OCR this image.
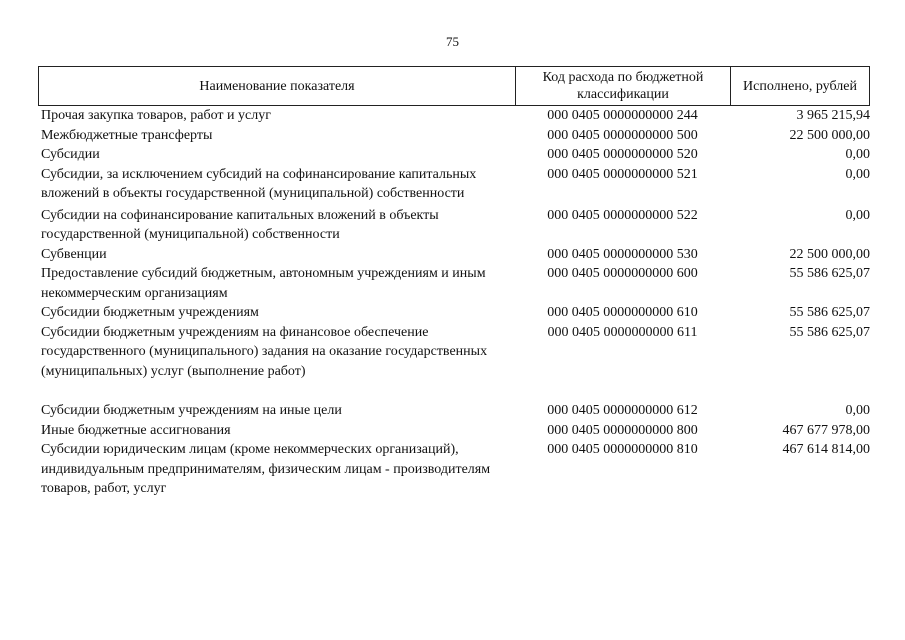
75
Наименование показателя
Код расхода по бюджетной классификации
Исполнено, рублей
Прочая закупка товаров, работ и услуг	000 0405 0000000000 244	3 965 215,94
Межбюджетные трансферты	000 0405 0000000000 500	22 500 000,00
Субсидии	000 0405 0000000000 520	0,00
Субсидии, за исключением субсидий на софинансирование капитальных вложений в объекты государственной (муниципальной) собственности
000 0405 0000000000 521	0,00
Субсидии на софинансирование капитальных вложений в объекты государственной (муниципальной) собственности
000 0405 0000000000 522	0,00
Субвенции	000 0405 0000000000 530	22 500 000,00
Предоставление субсидий бюджетным, автономным учреждениям и иным некоммерческим организациям
000 0405 0000000000 600	55 586 625,07
Субсидии бюджетным учреждениям	000 0405 0000000000 610	55 586 625,07
Субсидии бюджетным учреждениям на финансовое обеспечение государственного (муниципального) задания на оказание государственных (муниципальных) услуг (выполнение работ)
000 0405 0000000000 611	55 586 625,07
Субсидии бюджетным учреждениям на иные цели	000 0405 0000000000 612	0,00
Иные бюджетные ассигнования	000 0405 0000000000 800	467 677 978,00
Субсидии юридическим лицам (кроме некоммерческих организаций), индивидуальным предпринимателям, физическим лицам - производителям товаров, работ, услуг
000 0405 0000000000 810	467 614 814,00
